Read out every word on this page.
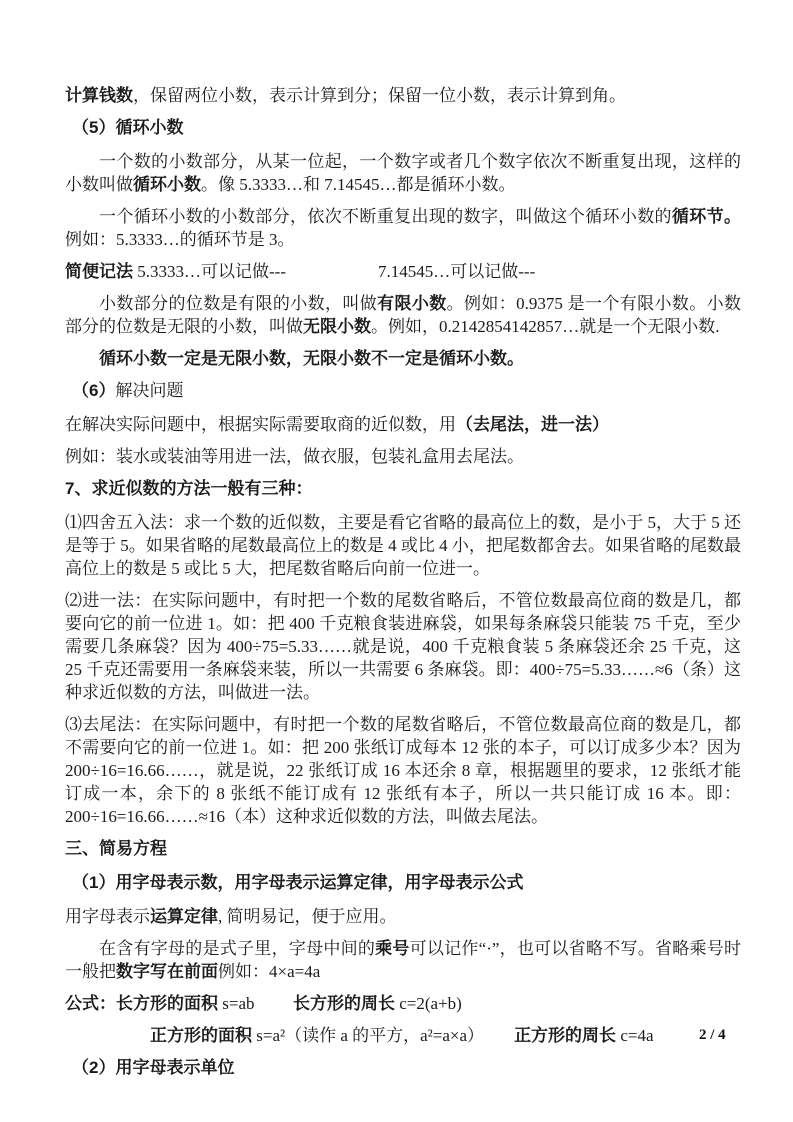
计算钱数，保留两位小数，表示计算到分；保留一位小数，表示计算到角。

（5）循环小数

一个数的小数部分，从某一位起，一个数字或者几个数字依次不断重复出现，这样的小数叫做循环小数。像 5.3333…和 7.14545…都是循环小数。

一个循环小数的小数部分，依次不断重复出现的数字，叫做这个循环小数的循环节。例如：5.3333…的循环节是 3。

简便记法 5.3333…可以记做---	7.14545…可以记做---

小数部分的位数是有限的小数，叫做有限小数。例如：0.9375 是一个有限小数。小数部分的位数是无限的小数，叫做无限小数。例如，0.2142854142857…就是一个无限小数.

循环小数一定是无限小数，无限小数不一定是循环小数。

（6）解决问题

在解决实际问题中，根据实际需要取商的近似数，用（去尾法，进一法）

例如：装水或装油等用进一法，做衣服，包装礼盒用去尾法。

7、求近似数的方法一般有三种：

⑴四舍五入法：求一个数的近似数，主要是看它省略的最高位上的数，是小于 5，大于 5 还是等于 5。如果省略的尾数最高位上的数是 4 或比 4 小，把尾数都舍去。如果省略的尾数最高位上的数是 5 或比 5 大，把尾数省略后向前一位进一。

⑵进一法：在实际问题中，有时把一个数的尾数省略后，不管位数最高位商的数是几，都要向它的前一位进 1。如：把 400 千克粮食装进麻袋，如果每条麻袋只能装 75 千克，至少需要几条麻袋？因为 400÷75=5.33……就是说，400 千克粮食装 5 条麻袋还余 25 千克，这 25 千克还需要用一条麻袋来装，所以一共需要 6 条麻袋。即：400÷75=5.33……≈6（条）这种求近似数的方法，叫做进一法。

⑶去尾法：在实际问题中，有时把一个数的尾数省略后，不管位数最高位商的数是几，都不需要向它的前一位进 1。如：把 200 张纸订成每本 12 张的本子，可以订成多少本？因为 200÷16=16.66……，就是说，22 张纸订成 16 本还余 8 章，根据题里的要求，12 张纸才能订成一本，余下的 8 张纸不能订成有 12 张纸有本子，所以一共只能订成 16 本。即：200÷16=16.66……≈16（本）这种求近似数的方法，叫做去尾法。

三、简易方程

（1）用字母表示数，用字母表示运算定律，用字母表示公式

用字母表示运算定律, 简明易记，便于应用。

在含有字母的是式子里，字母中间的乘号可以记作“·”，也可以省略不写。省略乘号时一般把数字写在前面例如：4×a=4a

公式：长方形的面积 s=ab 长方形的周长 c=2(a+b)

正方形的面积 s=a²（读作 a 的平方，a²=a×a） 正方形的周长 c=4a

（2）用字母表示单位

2 / 4
